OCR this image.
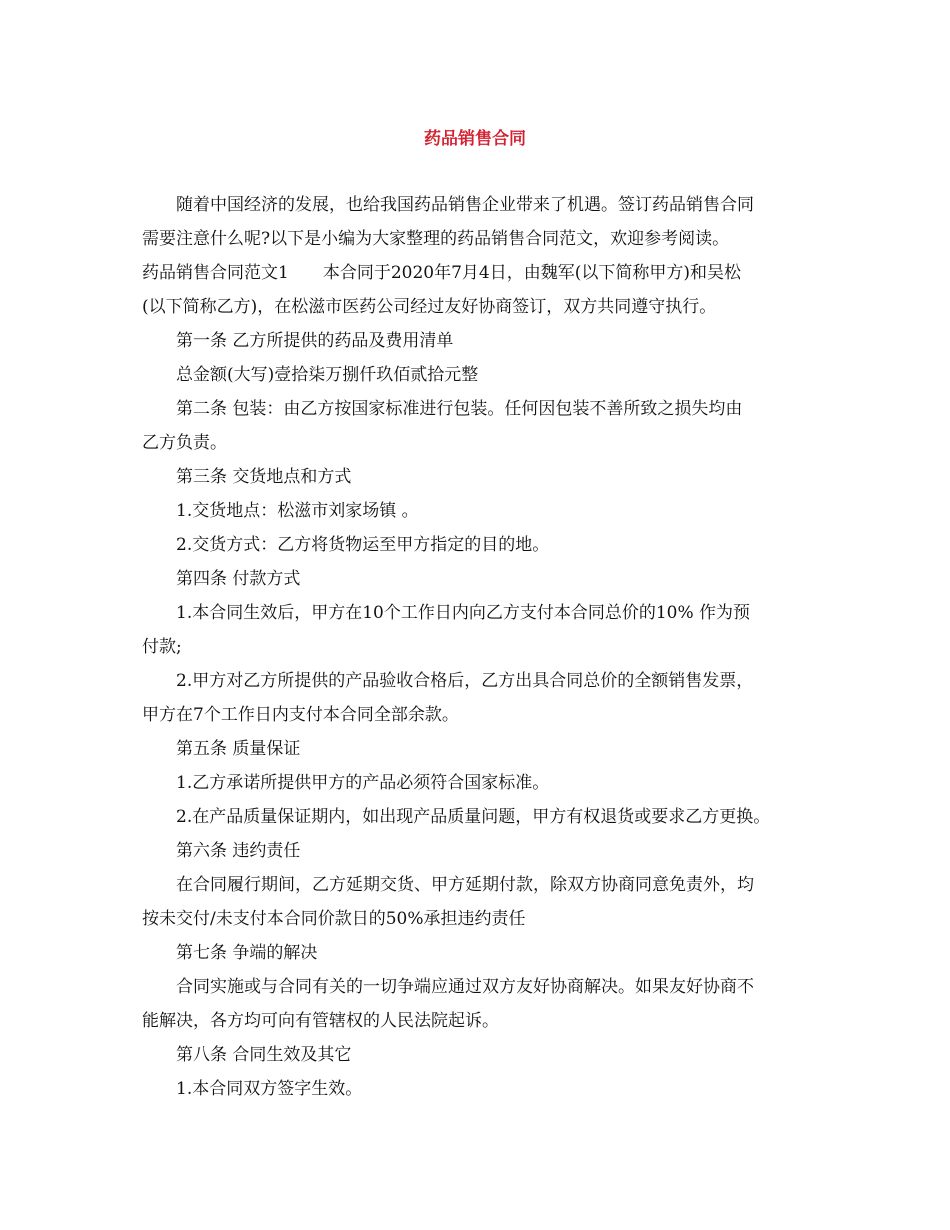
药品销售合同

随着中国经济的发展，也给我国药品销售企业带来了机遇。签订药品销售合同

需要注意什么呢?以下是小编为大家整理的药品销售合同范文，欢迎参考阅读。

药品销售合同范文1　　本合同于2020年7月4日，由魏军(以下简称甲方)和吴松

(以下简称乙方)，在松滋市医药公司经过友好协商签订，双方共同遵守执行。

第一条 乙方所提供的药品及费用清单

总金额(大写)壹拾柒万捌仟玖佰贰拾元整

第二条 包装：由乙方按国家标准进行包装。任何因包装不善所致之损失均由

乙方负责。

第三条 交货地点和方式

1.交货地点：松滋市刘家场镇 。

2.交货方式：乙方将货物运至甲方指定的目的地。

第四条 付款方式

1.本合同生效后，甲方在10个工作日内向乙方支付本合同总价的10% 作为预

付款;

2.甲方对乙方所提供的产品验收合格后，乙方出具合同总价的全额销售发票，

甲方在7个工作日内支付本合同全部余款。

第五条 质量保证

1.乙方承诺所提供甲方的产品必须符合国家标准。

2.在产品质量保证期内，如出现产品质量问题，甲方有权退货或要求乙方更换。

第六条 违约责任

在合同履行期间，乙方延期交货、甲方延期付款，除双方协商同意免责外，均

按未交付/未支付本合同价款日的50%承担违约责任

第七条 争端的解决

合同实施或与合同有关的一切争端应通过双方友好协商解决。如果友好协商不

能解决，各方均可向有管辖权的人民法院起诉。

第八条 合同生效及其它

1.本合同双方签字生效。
